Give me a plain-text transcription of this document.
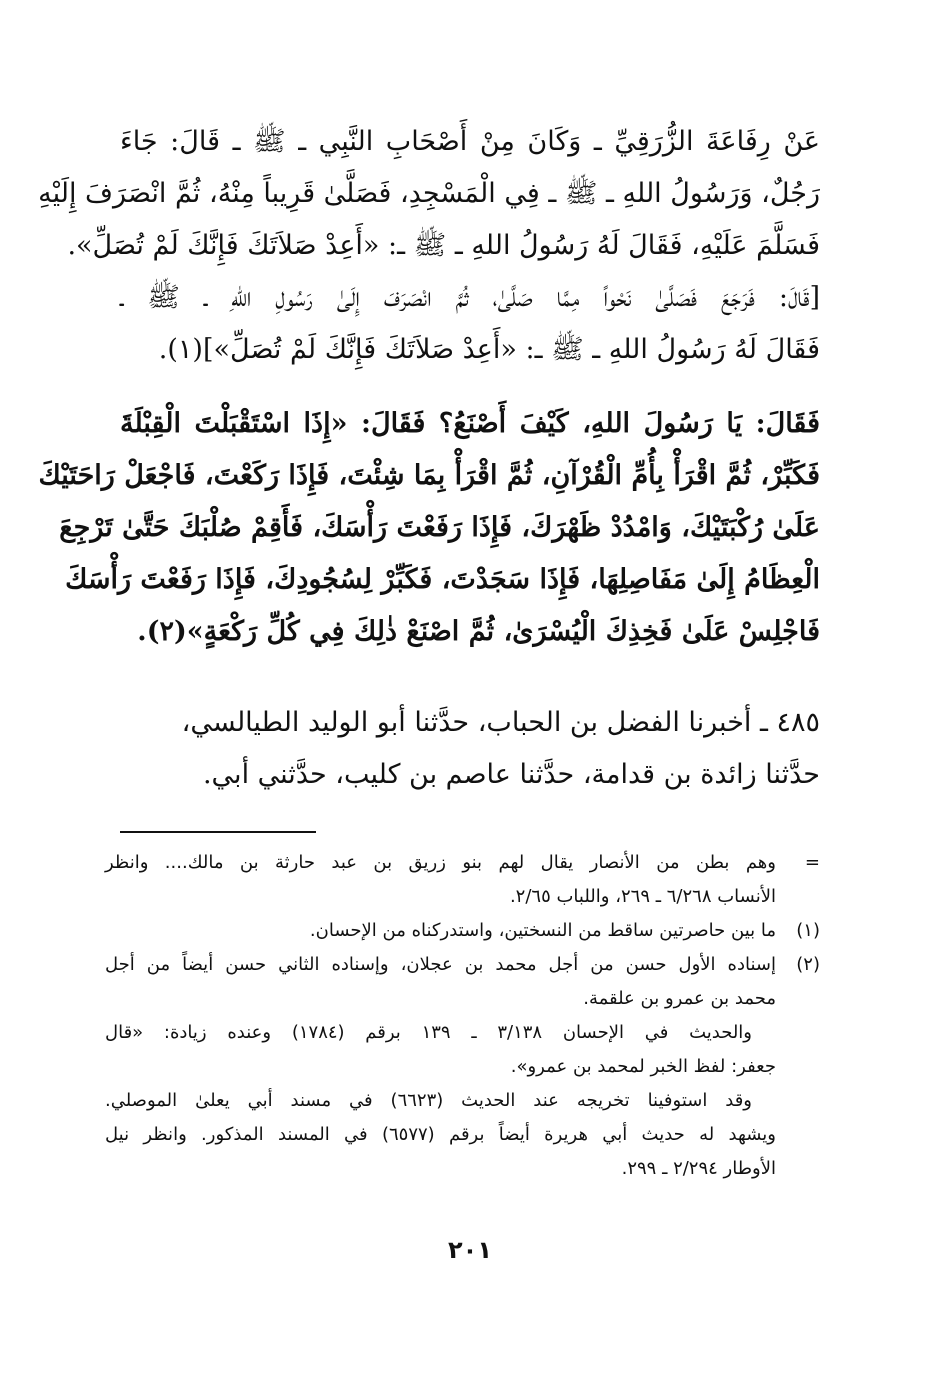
عَنْ رِفَاعَةَ الزُّرَقِيِّ ـ وَكَانَ مِنْ أَصْحَابِ النَّبِي ـ ﷺ ـ قَالَ: جَاءَ
رَجُلٌ، وَرَسُولُ اللهِ ـ ﷺ ـ فِي الْمَسْجِدِ، فَصَلَّىٰ قَرِيباً مِنْهُ، ثُمَّ انْصَرَفَ إِلَيْهِ
فَسَلَّمَ عَلَيْهِ، فَقَالَ لَهُ رَسُولُ اللهِ ـ ﷺ ـ: «أَعِدْ صَلاَتَكَ فَإِنَّكَ لَمْ تُصَلِّ».
[قَالَ: فَرَجَعَ فَصَلَّىٰ نَحْواً مِمَّا صَلَّىٰ، ثُمَّ انْصَرَفَ إِلَىٰ رَسُولِ اللهِ ـ ﷺ ـ
فَقَالَ لَهُ رَسُولُ اللهِ ـ ﷺ ـ: «أَعِدْ صَلاَتَكَ فَإِنَّكَ لَمْ تُصَلِّ»](١).
فَقَالَ: يَا رَسُولَ اللهِ، كَيْفَ أَصْنَعُ؟ فَقَالَ: «إِذَا اسْتَقْبَلْتَ الْقِبْلَةَ
فَكَبِّرْ، ثُمَّ اقْرَأْ بِأُمِّ الْقُرْآنِ، ثُمَّ اقْرَأْ بِمَا شِئْتَ، فَإِذَا رَكَعْتَ، فَاجْعَلْ رَاحَتَيْكَ
عَلَىٰ رُكْبَتَيْكَ، وَامْدُدْ ظَهْرَكَ، فَإِذَا رَفَعْتَ رَأْسَكَ، فَأَقِمْ صُلْبَكَ حَتَّىٰ تَرْجِعَ
الْعِظَامُ إِلَىٰ مَفَاصِلِهَا، فَإِذَا سَجَدْتَ، فَكَبِّرْ لِسُجُودِكَ، فَإِذَا رَفَعْتَ رَأْسَكَ
فَاجْلِسْ عَلَىٰ فَخِذِكَ الْيُسْرَىٰ، ثُمَّ اصْنَعْ ذٰلِكَ فِي كُلِّ رَكْعَةٍ»(٢).
٤٨٥ ـ أخبرنا الفضل بن الحباب، حدَّثنا أبو الوليد الطيالسي،
حدَّثنا زائدة بن قدامة، حدَّثنا عاصم بن كليب، حدَّثني أبي.
=
وهم بطن من الأنصار يقال لهم بنو زريق بن عبد حارثة بن مالك.... وانظر
الأنساب ٦/٢٦٨ ـ ٢٦٩، واللباب ٢/٦٥.
(١)
ما بين حاصرتين ساقط من النسختين، واستدركناه من الإحسان.
(٢)
إسناده الأول حسن من أجل محمد بن عجلان، وإسناده الثاني حسن أيضاً من أجل
محمد بن عمرو بن علقمة.
والحديث في الإحسان ٣/١٣٨ ـ ١٣٩ برقم (١٧٨٤) وعنده زيادة: «قال
جعفر: لفظ الخبر لمحمد بن عمرو».
وقد استوفينا تخريجه عند الحديث (٦٦٢٣) في مسند أبي يعلىٰ الموصلي.
ويشهد له حديث أبي هريرة أيضاً برقم (٦٥٧٧) في المسند المذكور. وانظر نيل
الأوطار ٢/٢٩٤ ـ ٢٩٩.
٢٠١
